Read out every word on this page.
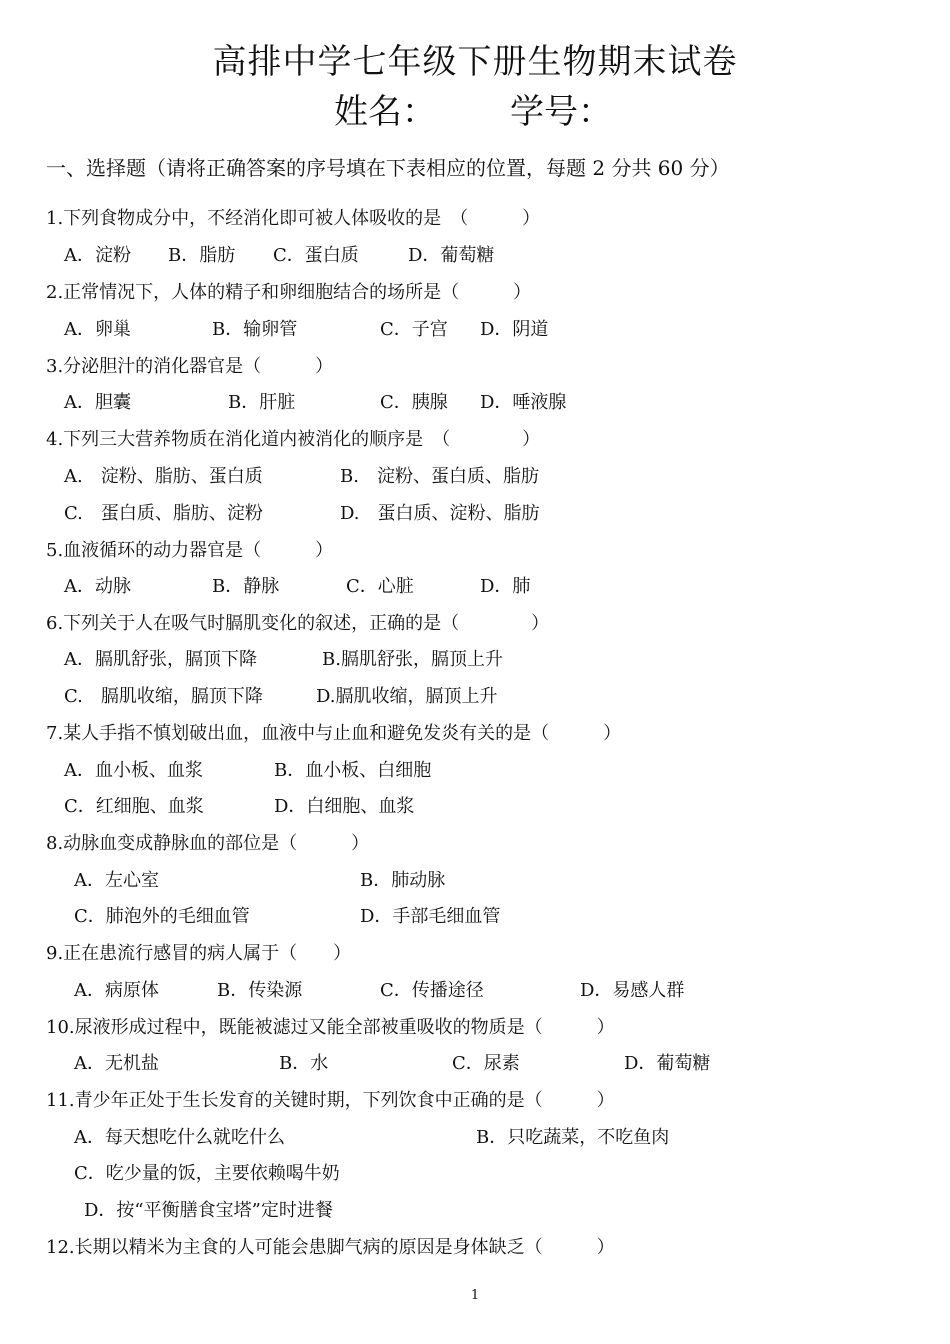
高排中学七年级下册生物期末试卷
姓名： 学号：
一、选择题（请将正确答案的序号填在下表相应的位置，每题 2 分共 60 分）
1.下列食物成分中，不经消化即可被人体吸收的是　（　　　）
A．淀粉 B．脂肪 C．蛋白质	D．葡萄糖
2.正常情况下，人体的精子和卵细胞结合的场所是（　　　）
A．卵巢	B．输卵管	C．子宫 D．阴道
3.分泌胆汁的消化器官是（　　　）
A．胆囊	B．肝脏	C．胰腺 D．唾液腺
4.下列三大营养物质在消化道内被消化的顺序是　（　　　　）
A.　淀粉、脂肪、蛋白质	B.　淀粉、蛋白质、脂肪
C.　蛋白质、脂肪、淀粉	D.　蛋白质、淀粉、脂肪
5.血液循环的动力器官是（　　　）
A．动脉	B．静脉	C．心脏	D．肺
6.下列关于人在吸气时膈肌变化的叙述，正确的是（　　　　）
A．膈肌舒张，膈顶下降	B.膈肌舒张，膈顶上升
C.　膈肌收缩，膈顶下降	D.膈肌收缩，膈顶上升
7.某人手指不慎划破出血，血液中与止血和避免发炎有关的是（　　　）
A．血小板、血浆	B．血小板、白细胞
C．红细胞、血浆	D．白细胞、血浆
8.动脉血变成静脉血的部位是（　　　）
A．左心室	B．肺动脉
C．肺泡外的毛细血管	D．手部毛细血管
9.正在患流行感冒的病人属于（　　）
A．病原体	B．传染源	C．传播途径	D．易感人群
10.尿液形成过程中，既能被滤过又能全部被重吸收的物质是（　　　）
A．无机盐	B．水	C．尿素	D．葡萄糖
11.青少年正处于生长发育的关键时期，下列饮食中正确的是（　　　）
A．每天想吃什么就吃什么	B．只吃蔬菜，不吃鱼肉
C．吃少量的饭，主要依赖喝牛奶
D．按“平衡膳食宝塔”定时进餐
12.长期以精米为主食的人可能会患脚气病的原因是身体缺乏（　　　）
1
